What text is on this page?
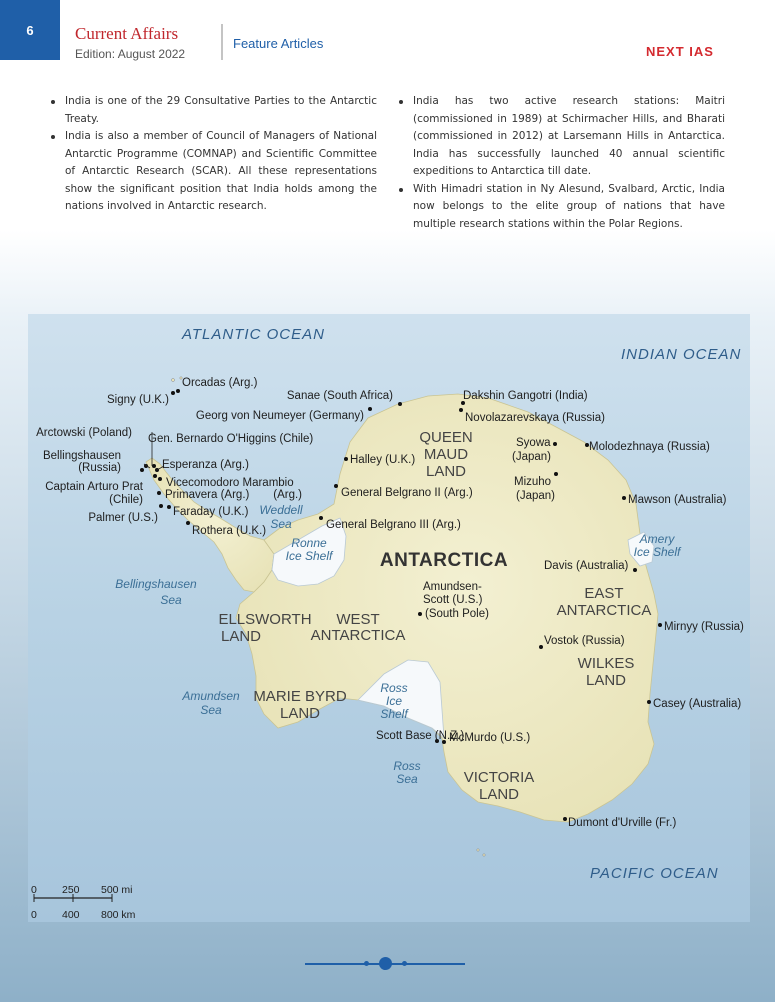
6	Current Affairs
Edition: August 2022
Feature Articles
NEXT IAS
India is one of the 29 Consultative Parties to the Antarctic Treaty.
India is also a member of Council of Managers of National Antarctic Programme (COMNAP) and Scientific Committee of Antarctic Research (SCAR). All these representations show the significant position that India holds among the nations involved in Antarctic research.
India has two active research stations: Maitri (commissioned in 1989) at Schirmacher Hills, and Bharati (commissioned in 2012) at Larsemann Hills in Antarctica. India has successfully launched 40 annual scientific expeditions to Antarctica till date.
With Himadri station in Ny Alesund, Svalbard, Arctic, India now belongs to the elite group of nations that have multiple research stations within the Polar Regions.
ATLANTIC OCEAN
INDIAN OCEAN
PACIFIC OCEAN
Weddell
Sea
Bellingshausen
Sea
Amundsen
Sea
Ross
Sea
Ronne
Ice Shelf
Ross
Ice
Shelf
Amery
Ice Shelf
ANTARCTICA
QUEEN
MAUD
LAND
ELLSWORTH
LAND
WEST
ANTARCTICA
EAST
ANTARCTICA
MARIE BYRD
LAND
WILKES
LAND
VICTORIA
LAND
Orcadas (Arg.)
Signy (U.K.)	Sanae (South Africa)	Dakshin Gangotri (India)
Georg von Neumeyer (Germany)	Novolazarevskaya (Russia)
Arctowski (Poland) Gen. Bernardo O'Higgins (Chile)
Bellingshausen
(Russia)	Esperanza (Arg.)
Vicecomodoro Marambio
(Arg.)
Captain Arturo Prat
(Chile) Primavera (Arg.)
Palmer (U.S.) Faraday (U.K.)
Rothera (U.K.)
Halley (U.K.)
General Belgrano II (Arg.)
General Belgrano III (Arg.)
Syowa
(Japan)
Molodezhnaya (Russia)
Mizuho
(Japan)	Mawson (Australia)
Davis (Australia)
Amundsen-
Scott (U.S.)
(South Pole)
Mirnyy (Russia)
Vostok (Russia)
Casey (Australia)
Scott Base (N.Z.)
McMurdo (U.S.)
Dumont d'Urville (Fr.)
0 250 500 mi
0 400 800 km
